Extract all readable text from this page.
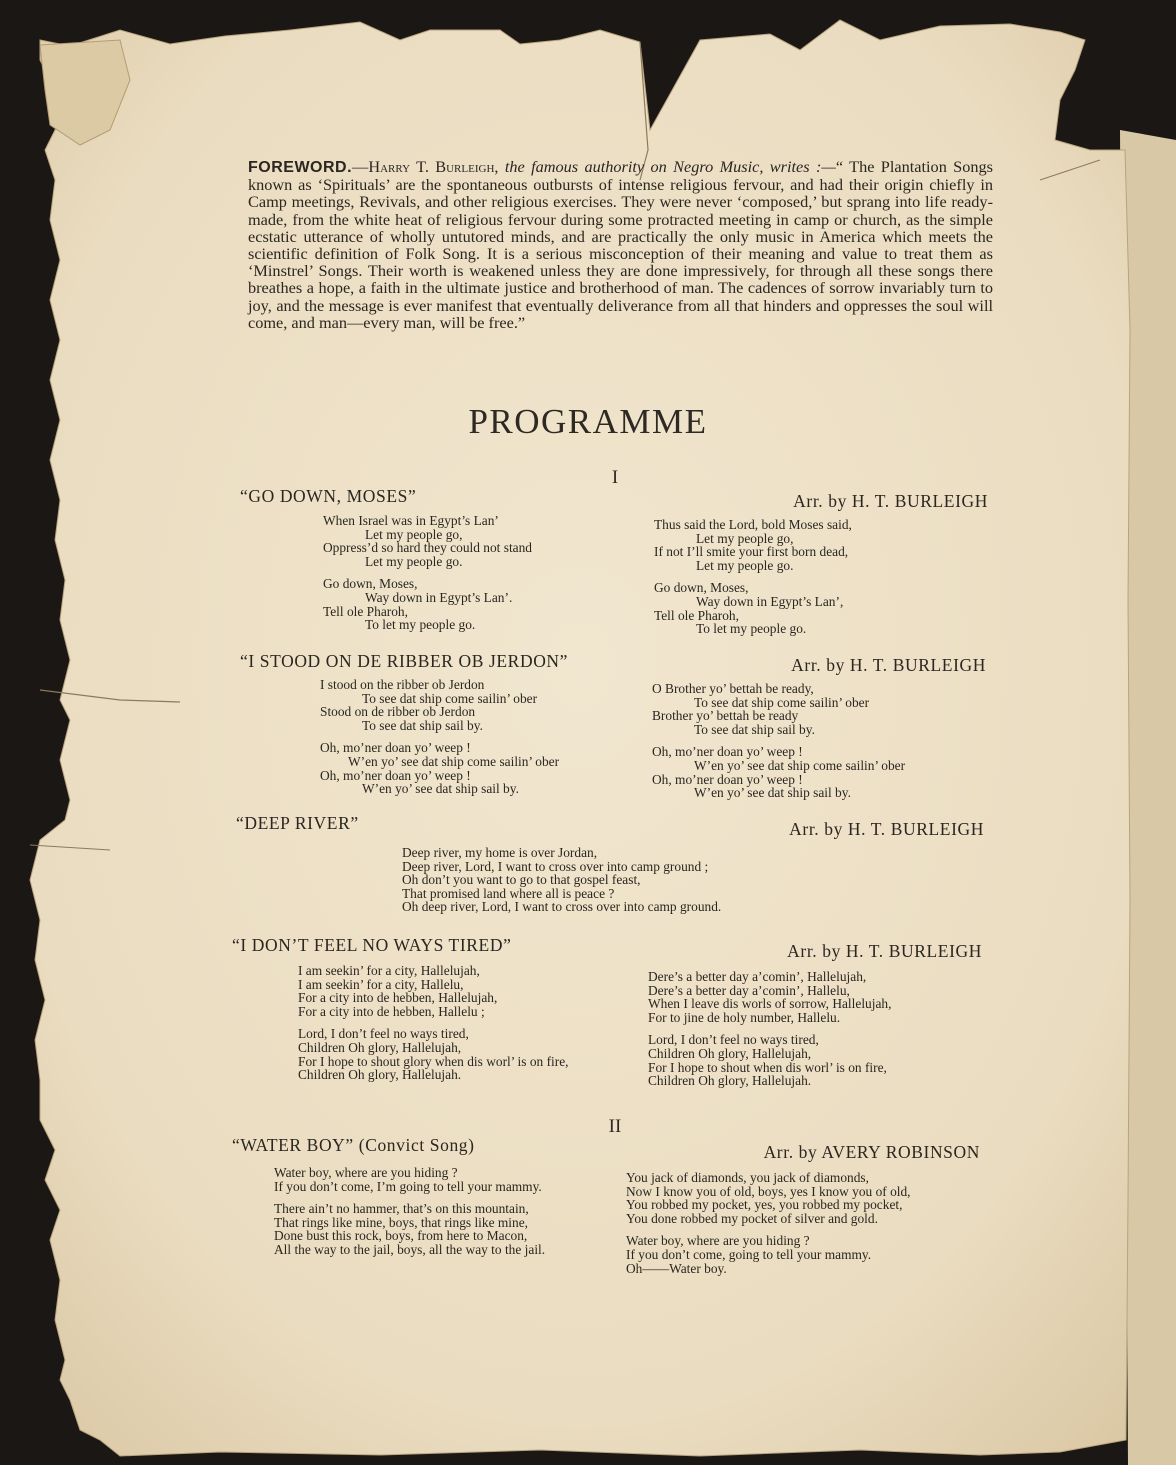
FOREWORD.—Harry T. Burleigh, the famous authority on Negro Music, writes :—“ The Plantation Songs known as ‘Spirituals’ are the spontaneous outbursts of intense religious fervour, and had their origin chiefly in Camp meetings, Revivals, and other religious exercises. They were never ‘composed,’ but sprang into life ready-made, from the white heat of religious fervour during some protracted meeting in camp or church, as the simple ecstatic utterance of wholly untutored minds, and are practically the only music in America which meets the scientific definition of Folk Song. It is a serious misconception of their meaning and value to treat them as ‘Minstrel’ Songs. Their worth is weakened unless they are done impressively, for through all these songs there breathes a hope, a faith in the ultimate justice and brotherhood of man. The cadences of sorrow invariably turn to joy, and the message is ever manifest that eventually deliverance from all that hinders and oppresses the soul will come, and man—every man, will be free.”
PROGRAMME
I
“GO DOWN, MOSES”	Arr. by H. T. BURLEIGH
When Israel was in Egypt’s Lan’
Let my people go,
Oppress’d so hard they could not stand
Let my people go.
Go down, Moses,
Way down in Egypt’s Lan’.
Tell ole Pharoh,
To let my people go.
Thus said the Lord, bold Moses said,
Let my people go,
If not I’ll smite your first born dead,
Let my people go.
Go down, Moses,
Way down in Egypt’s Lan’,
Tell ole Pharoh,
To let my people go.
“I STOOD ON DE RIBBER OB JERDON”	Arr. by H. T. BURLEIGH
I stood on the ribber ob Jerdon
To see dat ship come sailin’ ober
Stood on de ribber ob Jerdon
To see dat ship sail by.
Oh, mo’ner doan yo’ weep !
W’en yo’ see dat ship come sailin’ ober
Oh, mo’ner doan yo’ weep !
W’en yo’ see dat ship sail by.
O Brother yo’ bettah be ready,
To see dat ship come sailin’ ober
Brother yo’ bettah be ready
To see dat ship sail by.
Oh, mo’ner doan yo’ weep !
W’en yo’ see dat ship come sailin’ ober
Oh, mo’ner doan yo’ weep !
W’en yo’ see dat ship sail by.
“DEEP RIVER”	Arr. by H. T. BURLEIGH
Deep river, my home is over Jordan,
Deep river, Lord, I want to cross over into camp ground ;
Oh don’t you want to go to that gospel feast,
That promised land where all is peace ?
Oh deep river, Lord, I want to cross over into camp ground.
“I DON’T FEEL NO WAYS TIRED”	Arr. by H. T. BURLEIGH
I am seekin’ for a city, Hallelujah,
I am seekin’ for a city, Hallelu,
For a city into de hebben, Hallelujah,
For a city into de hebben, Hallelu ;
Lord, I don’t feel no ways tired,
Children Oh glory, Hallelujah,
For I hope to shout glory when dis worl’ is on fire,
Children Oh glory, Hallelujah.
Dere’s a better day a’comin’, Hallelujah,
Dere’s a better day a’comin’, Hallelu,
When I leave dis worls of sorrow, Hallelujah,
For to jine de holy number, Hallelu.
Lord, I don’t feel no ways tired,
Children Oh glory, Hallelujah,
For I hope to shout when dis worl’ is on fire,
Children Oh glory, Hallelujah.
II
“WATER BOY” (Convict Song)	Arr. by AVERY ROBINSON
Water boy, where are you hiding ?
If you don’t come, I’m going to tell your mammy.
There ain’t no hammer, that’s on this mountain,
That rings like mine, boys, that rings like mine,
Done bust this rock, boys, from here to Macon,
All the way to the jail, boys, all the way to the jail.
You jack of diamonds, you jack of diamonds,
Now I know you of old, boys, yes I know you of old,
You robbed my pocket, yes, you robbed my pocket,
You done robbed my pocket of silver and gold.
Water boy, where are you hiding ?
If you don’t come, going to tell your mammy.
Oh——Water boy.
